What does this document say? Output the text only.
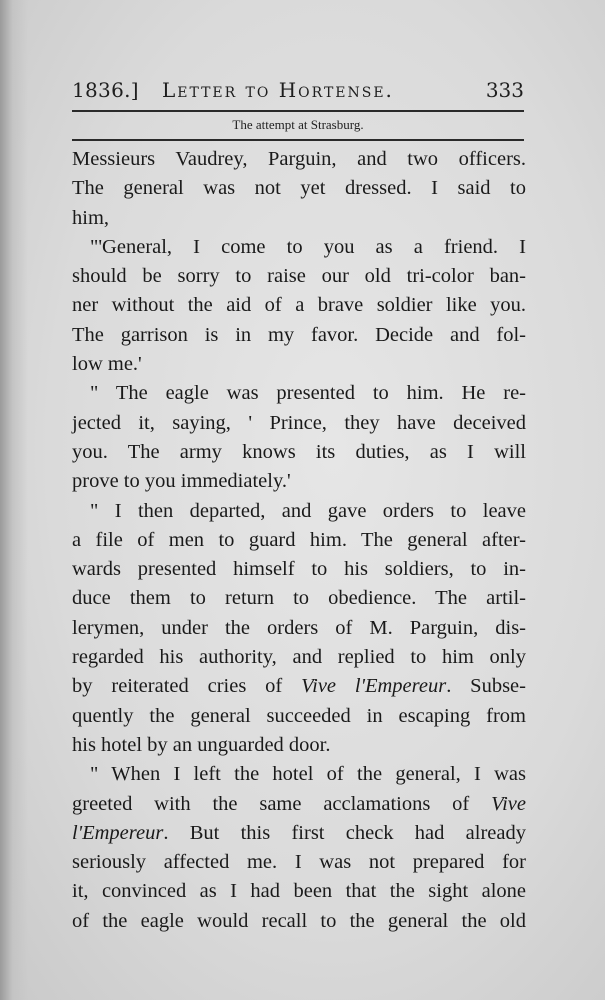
1836.] Letter to Hortense.	333
The attempt at Strasburg.
Messieurs Vaudrey, Parguin, and two officers.
The general was not yet dressed. I said to
him,
"'General, I come to you as a friend. I
should be sorry to raise our old tri-color ban-
ner without the aid of a brave soldier like you.
The garrison is in my favor. Decide and fol-
low me.'
" The eagle was presented to him. He re-
jected it, saying, ' Prince, they have deceived
you. The army knows its duties, as I will
prove to you immediately.'
" I then departed, and gave orders to leave
a file of men to guard him. The general after-
wards presented himself to his soldiers, to in-
duce them to return to obedience. The artil-
lerymen, under the orders of M. Parguin, dis-
regarded his authority, and replied to him only
by reiterated cries of Vive l'Empereur. Subse-
quently the general succeeded in escaping from
his hotel by an unguarded door.
" When I left the hotel of the general, I was
greeted with the same acclamations of Vive
l'Empereur. But this first check had already
seriously affected me. I was not prepared for
it, convinced as I had been that the sight alone
of the eagle would recall to the general the old
